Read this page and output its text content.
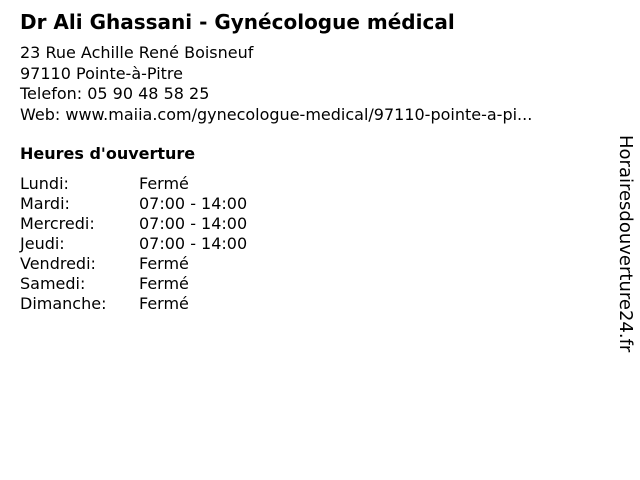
Dr Ali Ghassani - Gynécologue médical
23 Rue Achille René Boisneuf
97110 Pointe-à-Pitre
Telefon: 05 90 48 58 25
Web: www.maiia.com/gynecologue-medical/97110-pointe-a-pi...
Heures d'ouverture
Lundi:	Fermé
Mardi:	07:00 - 14:00
Mercredi:	07:00 - 14:00
Jeudi:	07:00 - 14:00
Vendredi:	Fermé
Samedi:	Fermé
Dimanche:	Fermé	Horairesdouverture24.fr
